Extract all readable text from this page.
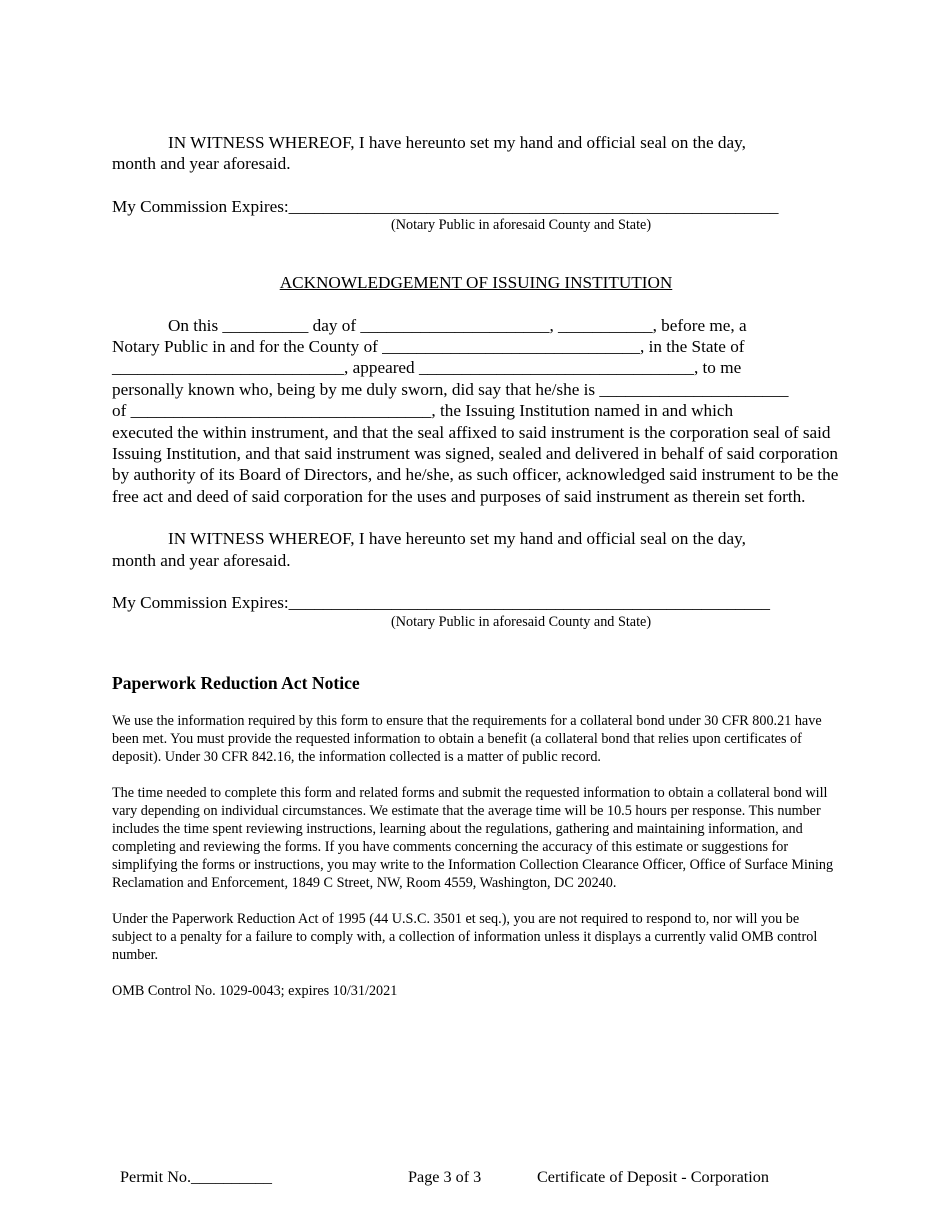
IN WITNESS WHEREOF, I have hereunto set my hand and official seal on the day,

month and year aforesaid.

My Commission Expires:_________________________________________________________

(Notary Public in aforesaid County and State)

ACKNOWLEDGEMENT OF ISSUING INSTITUTION

On this __________ day of ______________________, ___________, before me, a

Notary Public in and for the County of ______________________________, in the State of

___________________________, appeared ________________________________, to me

personally known who, being by me duly sworn, did say that he/she is ______________________

of ___________________________________, the Issuing Institution named in and which

executed the within instrument, and that the seal affixed to said instrument is the corporation seal of said Issuing Institution, and that said instrument was signed, sealed and delivered in behalf of said corporation by authority of its Board of Directors, and he/she, as such officer, acknowledged said instrument to be the free act and deed of said corporation for the uses and purposes of said instrument as therein set forth.

IN WITNESS WHEREOF, I have hereunto set my hand and official seal on the day,

month and year aforesaid.

My Commission Expires:________________________________________________________

(Notary Public in aforesaid County and State)

Paperwork Reduction Act Notice

We use the information required by this form to ensure that the requirements for a collateral bond under 30 CFR 800.21 have been met. You must provide the requested information to obtain a benefit (a collateral bond that relies upon certificates of deposit). Under 30 CFR 842.16, the information collected is a matter of public record.

The time needed to complete this form and related forms and submit the requested information to obtain a collateral bond will vary depending on individual circumstances. We estimate that the average time will be 10.5 hours per response. This number includes the time spent reviewing instructions, learning about the regulations, gathering and maintaining information, and completing and reviewing the forms. If you have comments concerning the accuracy of this estimate or suggestions for simplifying the forms or instructions, you may write to the Information Collection Clearance Officer, Office of Surface Mining Reclamation and Enforcement, 1849 C Street, NW, Room 4559, Washington, DC 20240.

Under the Paperwork Reduction Act of 1995 (44 U.S.C. 3501 et seq.), you are not required to respond to, nor will you be subject to a penalty for a failure to comply with, a collection of information unless it displays a currently valid OMB control number.

OMB Control No. 1029-0043; expires 10/31/2021

Permit No.__________	Page 3 of 3	Certificate of Deposit - Corporation
